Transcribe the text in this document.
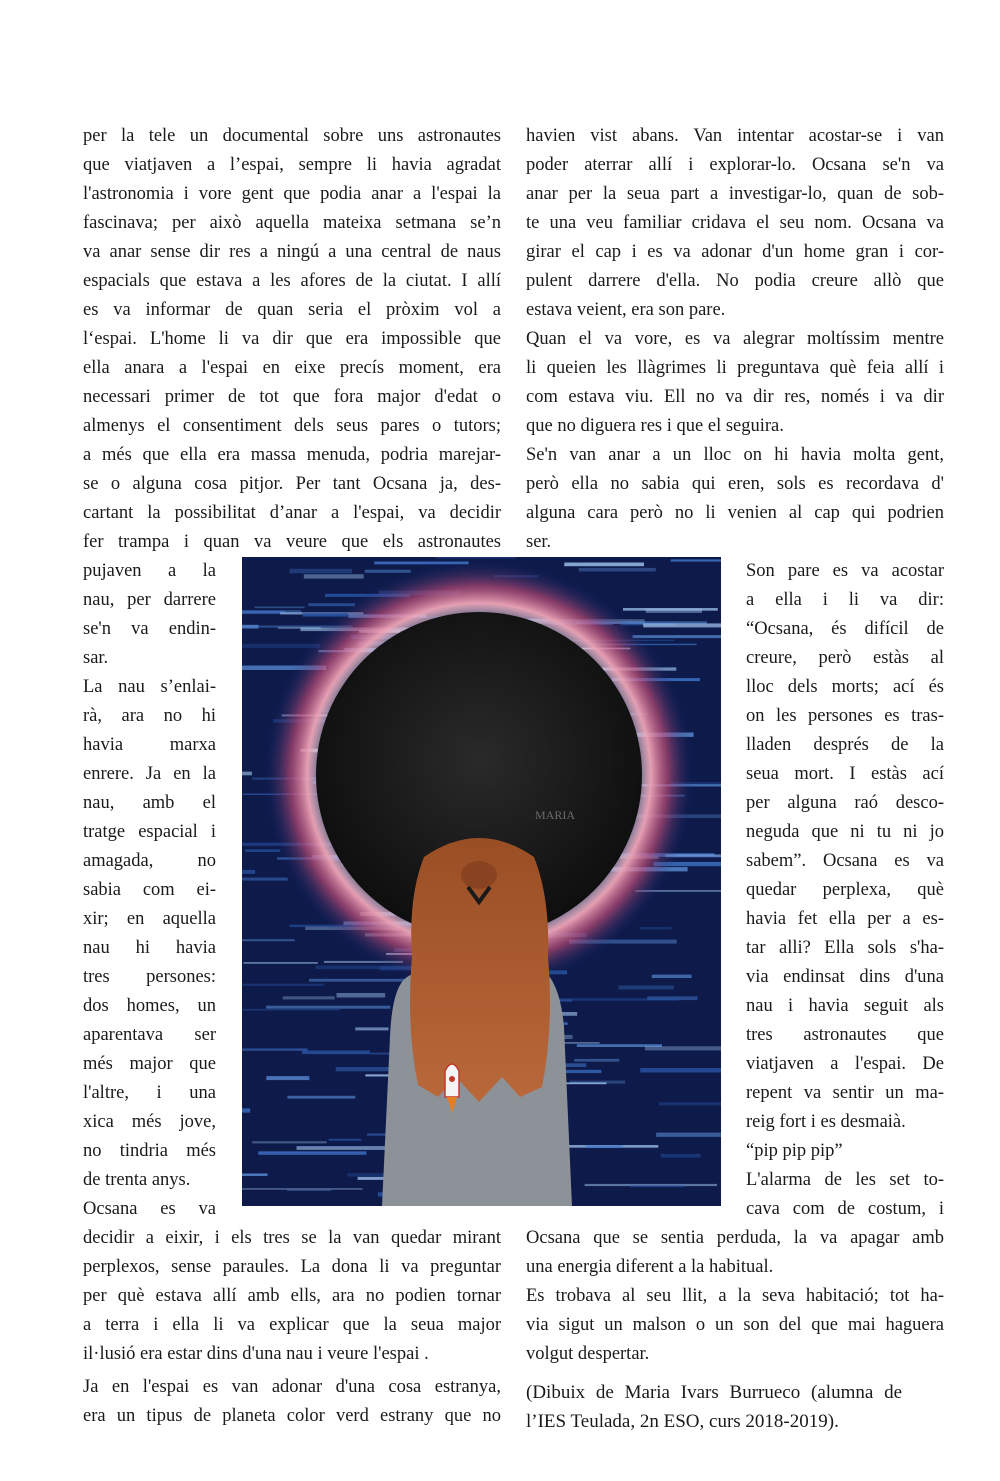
per la tele un documental sobre uns astronautes
que viatjaven a l’espai, sempre li havia agradat
l'astronomia i vore gent que podia anar a l'espai la
fascinava; per això aquella mateixa setmana se’n
va anar sense dir res a ningú a una central de naus
espacials que estava a les afores de la ciutat. I allí
es va informar de quan seria el pròxim vol a
l‘espai. L'home li va dir que era impossible que
ella anara a l'espai en eixe precís moment, era
necessari primer de tot que fora major d'edat o
almenys el consentiment dels seus pares o tutors;
a més que ella era massa menuda, podria marejar-
se o alguna cosa pitjor. Per tant Ocsana ja, des-
cartant la possibilitat d’anar a l'espai, va decidir
fer trampa i quan va veure que els astronautes
pujaven a la
nau, per darrere
se'n va endin-
sar.
La nau s’enlai-
rà, ara no hi
havia marxa
enrere. Ja en la
nau, amb el
tratge espacial i
amagada, no
sabia com ei-
xir; en aquella
nau hi havia
tres persones:
dos homes, un
aparentava ser
més major que
l'altre, i una
xica més jove,
no tindria més
de trenta anys.
Ocsana es va
decidir a eixir, i els tres se la van quedar mirant
perplexos, sense paraules. La dona li va preguntar
per què estava allí amb ells, ara no podien tornar
a terra i ella li va explicar que la seua major
il·lusió era estar dins d'una nau i veure l'espai .
Ja en l'espai es van adonar d'una cosa estranya,
era un tipus de planeta color verd estrany que no
havien vist abans. Van intentar acostar-se i van
poder aterrar allí i explorar-lo. Ocsana se'n va
anar per la seua part a investigar-lo, quan de sob-
te una veu familiar cridava el seu nom. Ocsana va
girar el cap i es va adonar d'un home gran i cor-
pulent darrere d'ella. No podia creure allò que
estava veient, era son pare.
Quan el va vore, es va alegrar moltíssim mentre
li queien les llàgrimes li preguntava què feia allí i
com estava viu. Ell no va dir res, només i va dir
que no diguera res i que el seguira.
Se'n van anar a un lloc on hi havia molta gent,
però ella no sabia qui eren, sols es recordava d'
alguna cara però no li venien al cap qui podrien
ser.
Son pare es va acostar
a ella i li va dir:
“Ocsana, és difícil de
creure, però estàs al
lloc dels morts; ací és
on les persones es tras-
lladen després de la
seua mort. I estàs ací
per alguna raó desco-
neguda que ni tu ni jo
sabem”. Ocsana es va
quedar perplexa, què
havia fet ella per a es-
tar alli? Ella sols s'ha-
via endinsat dins d'una
nau i havia seguit als
tres astronautes que
viatjaven a l'espai. De
repent va sentir un ma-
reig fort i es desmaià.
“pip pip pip”
L'alarma de les set to-
cava com de costum, i
Ocsana que se sentia perduda, la va apagar amb
una energia diferent a la habitual.
Es trobava al seu llit, a la seva habitació; tot ha-
via sigut un malson o un son del que mai haguera
volgut despertar.
(Dibuix de Maria Ivars Burrueco (alumna de
l’IES Teulada, 2n ESO, curs 2018-2019).
MARIA
